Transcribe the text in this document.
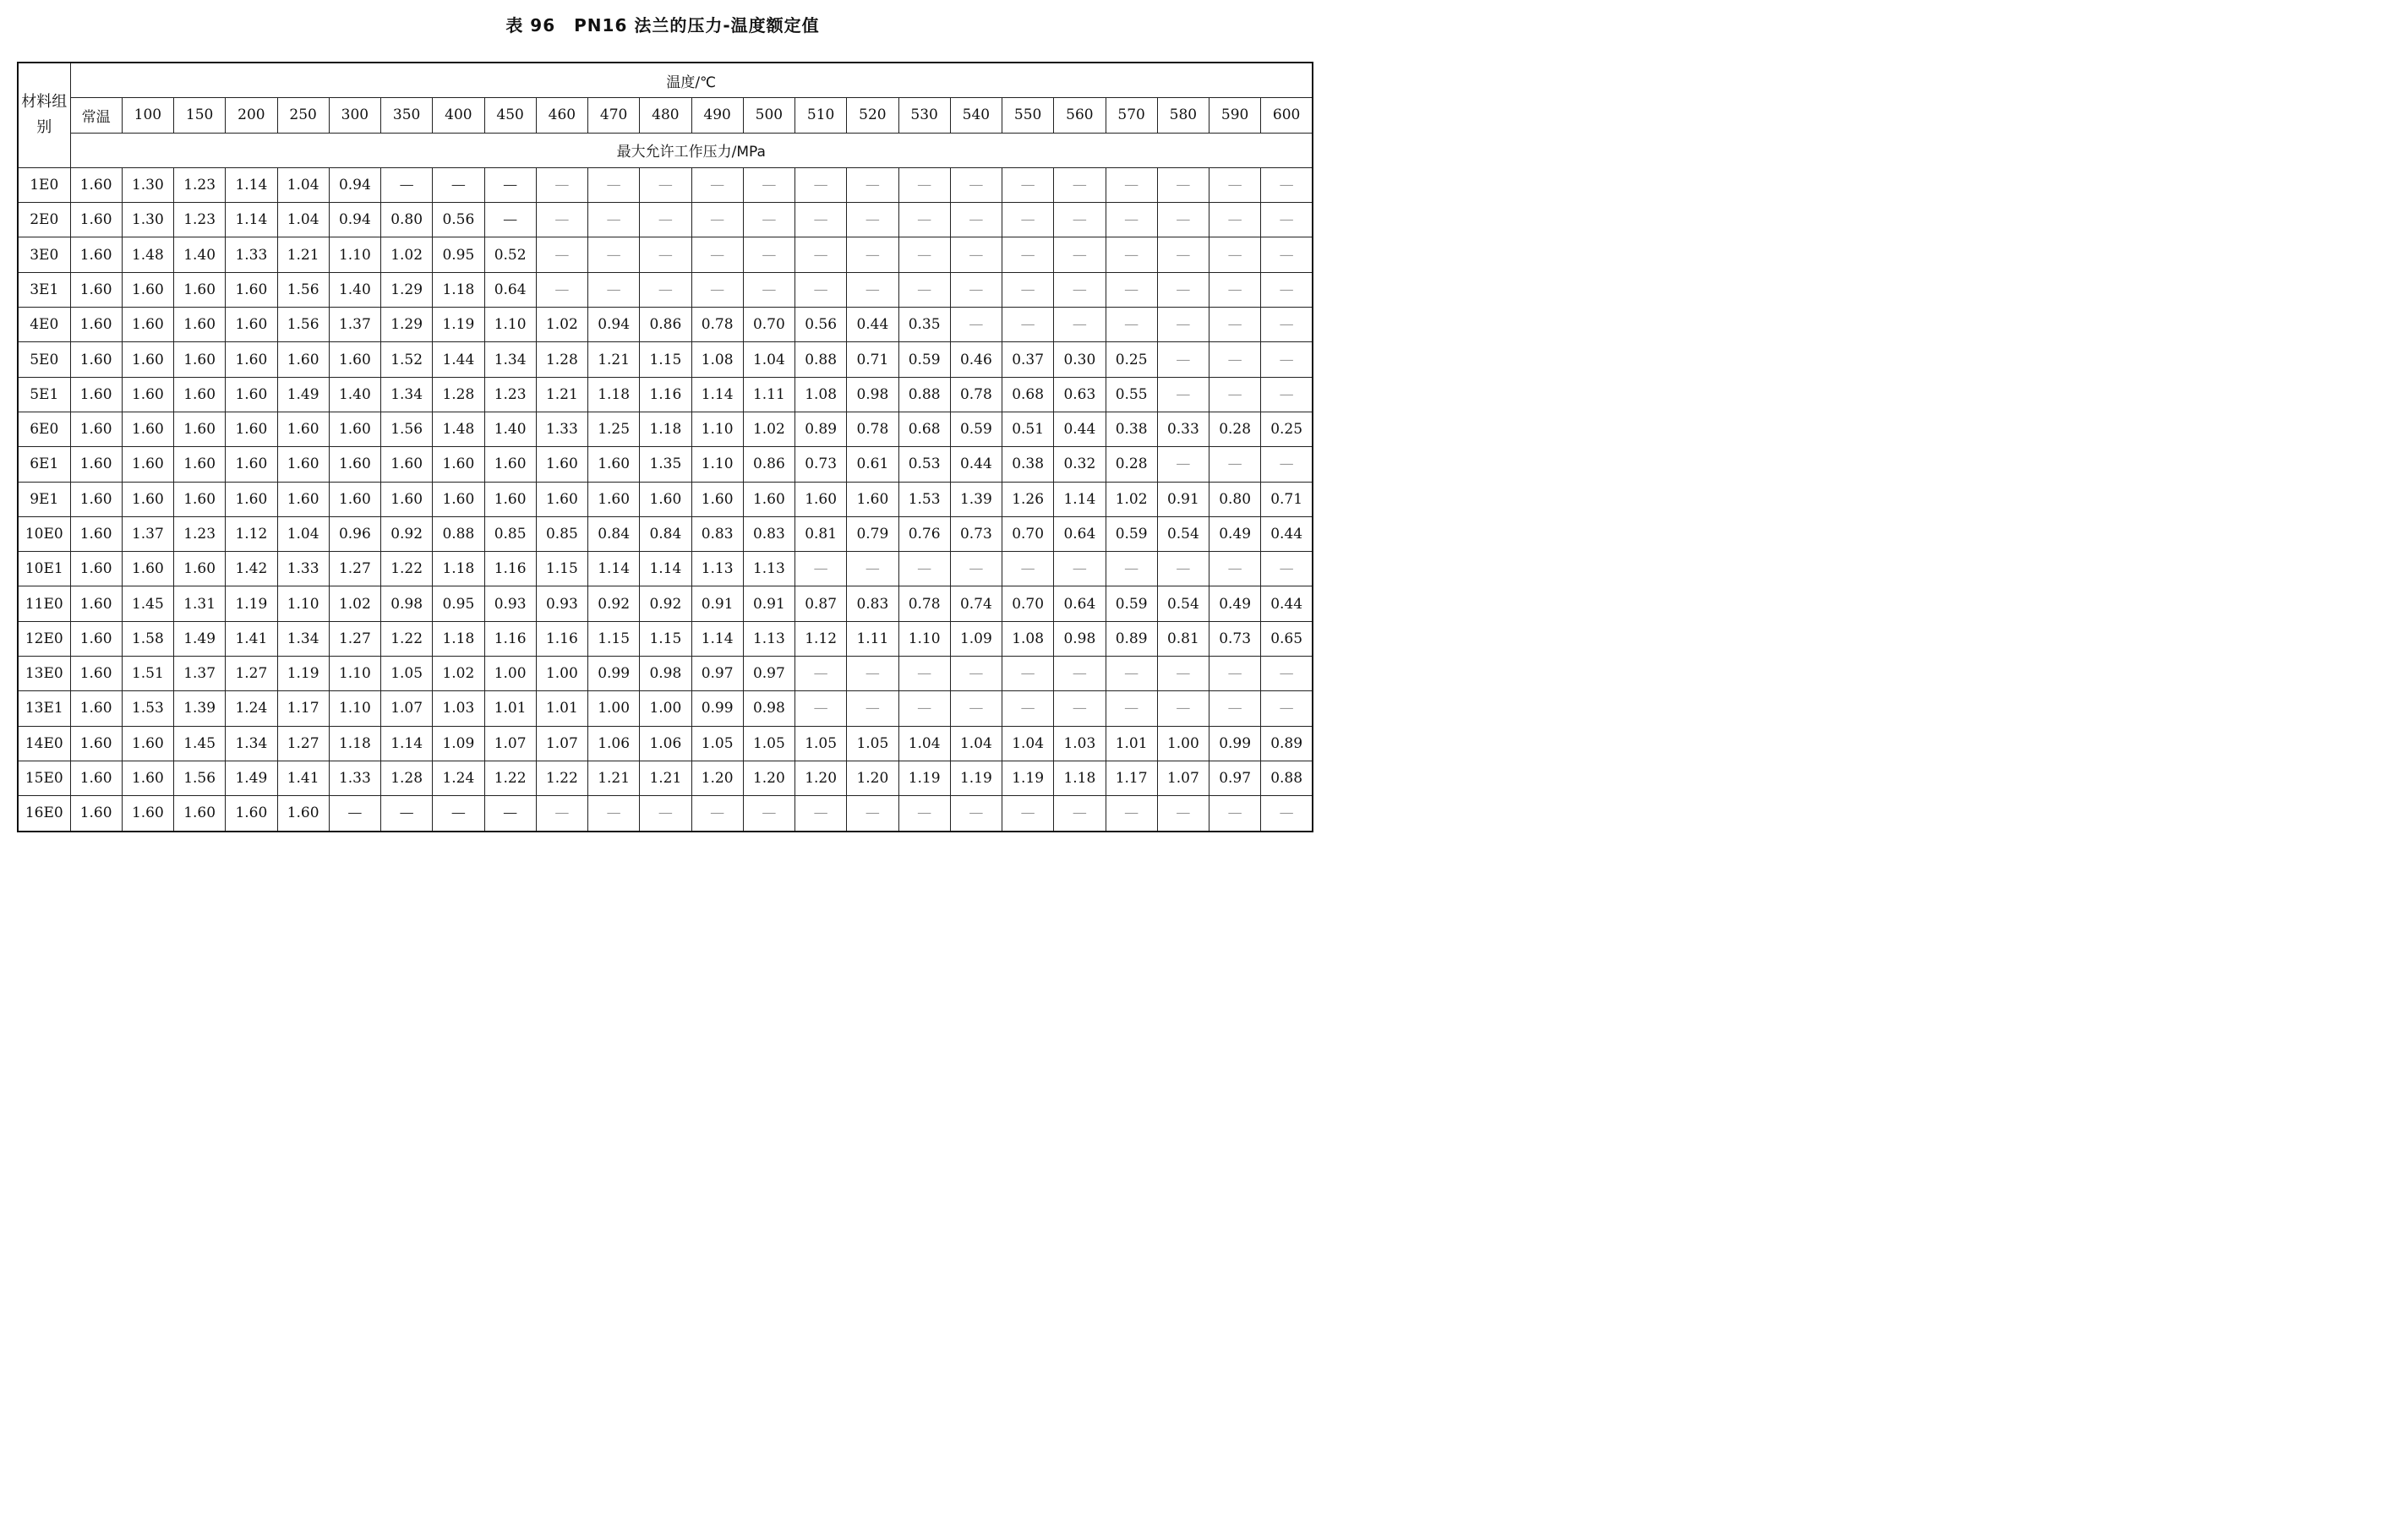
表 96 PN16 法兰的压力-温度额定值
材料组别	温度/℃																							
	常温	100	150	200	250	300	350	400	450	460	470	480	490	500	510	520	530	540	550	560	570	580	590	600
	最大允许工作压力/MPa																							
1E0	1.60	1.30	1.23	1.14	1.04	0.94	—	—	—	—	—	—	—	—	—	—	—	—	—	—	—	—	—	—
2E0	1.60	1.30	1.23	1.14	1.04	0.94	0.80	0.56	—	—	—	—	—	—	—	—	—	—	—	—	—	—	—	—
3E0	1.60	1.48	1.40	1.33	1.21	1.10	1.02	0.95	0.52	—	—	—	—	—	—	—	—	—	—	—	—	—	—	—
3E1	1.60	1.60	1.60	1.60	1.56	1.40	1.29	1.18	0.64	—	—	—	—	—	—	—	—	—	—	—	—	—	—	—
4E0	1.60	1.60	1.60	1.60	1.56	1.37	1.29	1.19	1.10	1.02	0.94	0.86	0.78	0.70	0.56	0.44	0.35	—	—	—	—	—	—	—
5E0	1.60	1.60	1.60	1.60	1.60	1.60	1.52	1.44	1.34	1.28	1.21	1.15	1.08	1.04	0.88	0.71	0.59	0.46	0.37	0.30	0.25	—	—	—
5E1	1.60	1.60	1.60	1.60	1.49	1.40	1.34	1.28	1.23	1.21	1.18	1.16	1.14	1.11	1.08	0.98	0.88	0.78	0.68	0.63	0.55	—	—	—
6E0	1.60	1.60	1.60	1.60	1.60	1.60	1.56	1.48	1.40	1.33	1.25	1.18	1.10	1.02	0.89	0.78	0.68	0.59	0.51	0.44	0.38	0.33	0.28	0.25
6E1	1.60	1.60	1.60	1.60	1.60	1.60	1.60	1.60	1.60	1.60	1.60	1.35	1.10	0.86	0.73	0.61	0.53	0.44	0.38	0.32	0.28	—	—	—
9E1	1.60	1.60	1.60	1.60	1.60	1.60	1.60	1.60	1.60	1.60	1.60	1.60	1.60	1.60	1.60	1.60	1.53	1.39	1.26	1.14	1.02	0.91	0.80	0.71
10E0	1.60	1.37	1.23	1.12	1.04	0.96	0.92	0.88	0.85	0.85	0.84	0.84	0.83	0.83	0.81	0.79	0.76	0.73	0.70	0.64	0.59	0.54	0.49	0.44
10E1	1.60	1.60	1.60	1.42	1.33	1.27	1.22	1.18	1.16	1.15	1.14	1.14	1.13	1.13	—	—	—	—	—	—	—	—	—	—
11E0	1.60	1.45	1.31	1.19	1.10	1.02	0.98	0.95	0.93	0.93	0.92	0.92	0.91	0.91	0.87	0.83	0.78	0.74	0.70	0.64	0.59	0.54	0.49	0.44
12E0	1.60	1.58	1.49	1.41	1.34	1.27	1.22	1.18	1.16	1.16	1.15	1.15	1.14	1.13	1.12	1.11	1.10	1.09	1.08	0.98	0.89	0.81	0.73	0.65
13E0	1.60	1.51	1.37	1.27	1.19	1.10	1.05	1.02	1.00	1.00	0.99	0.98	0.97	0.97	—	—	—	—	—	—	—	—	—	—
13E1	1.60	1.53	1.39	1.24	1.17	1.10	1.07	1.03	1.01	1.01	1.00	1.00	0.99	0.98	—	—	—	—	—	—	—	—	—	—
14E0	1.60	1.60	1.45	1.34	1.27	1.18	1.14	1.09	1.07	1.07	1.06	1.06	1.05	1.05	1.05	1.05	1.04	1.04	1.04	1.03	1.01	1.00	0.99	0.89
15E0	1.60	1.60	1.56	1.49	1.41	1.33	1.28	1.24	1.22	1.22	1.21	1.21	1.20	1.20	1.20	1.20	1.19	1.19	1.19	1.18	1.17	1.07	0.97	0.88
16E0	1.60	1.60	1.60	1.60	1.60	—	—	—	—	—	—	—	—	—	—	—	—	—	—	—	—	—	—	—
